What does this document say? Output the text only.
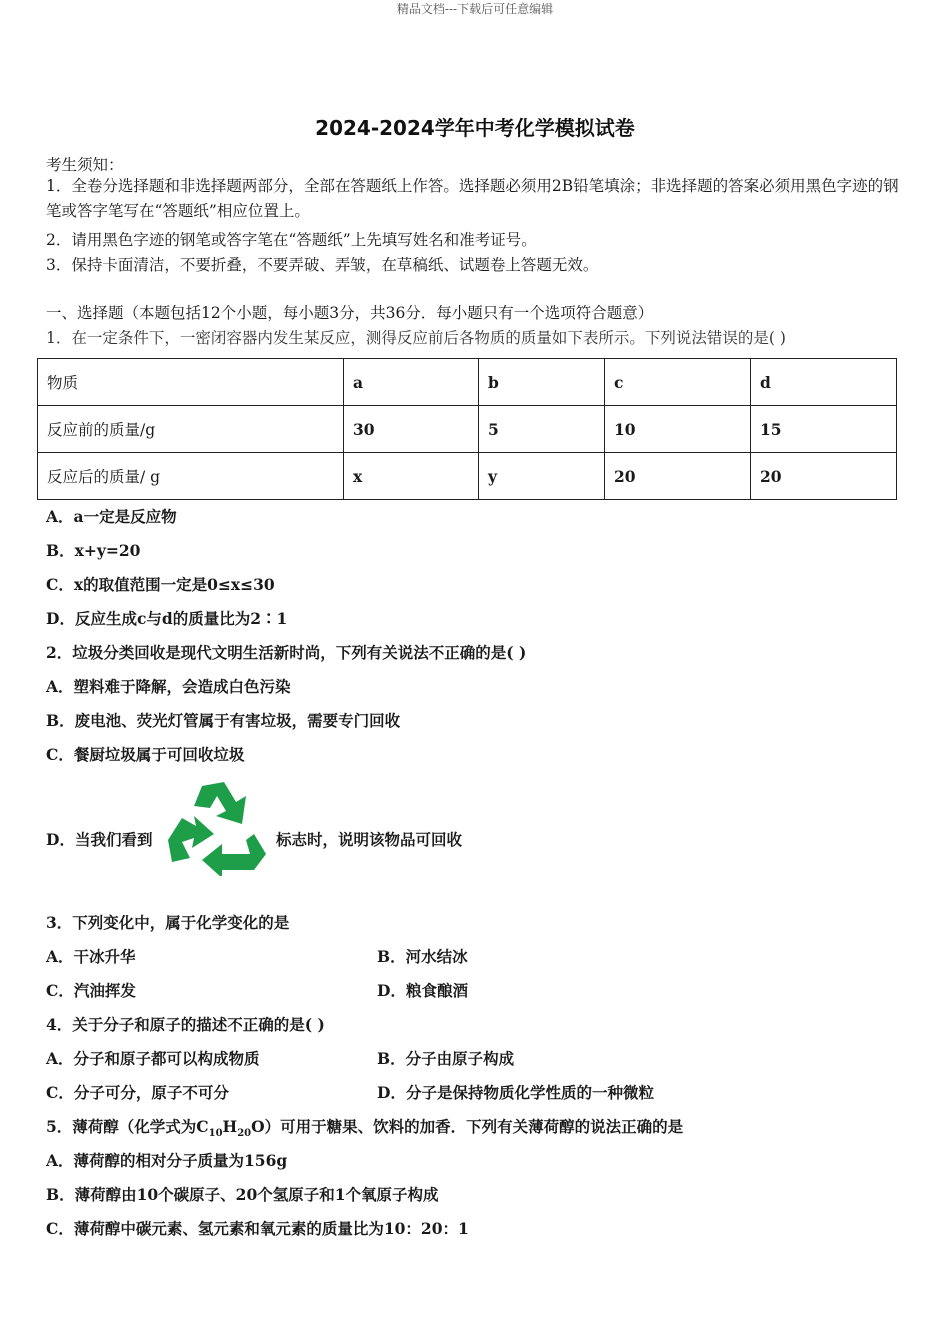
精品文档---下载后可任意编辑
2024-2024学年中考化学模拟试卷
考生须知：
1．全卷分选择题和非选择题两部分，全部在答题纸上作答。选择题必须用2B铅笔填涂；非选择题的答案必须用黑色字迹的钢笔或答字笔写在“答题纸”相应位置上。
2．请用黑色字迹的钢笔或答字笔在“答题纸”上先填写姓名和准考证号。
3．保持卡面清洁，不要折叠，不要弄破、弄皱，在草稿纸、试题卷上答题无效。
一、选择题（本题包括12个小题，每小题3分，共36分．每小题只有一个选项符合题意）
1．在一定条件下，一密闭容器内发生某反应，测得反应前后各物质的质量如下表所示。下列说法错误的是( )
物质	a	b	c	d
反应前的质量/g	30	5	10	15
反应后的质量/ g	x	y	20	20
A．a一定是反应物
B．x+y=20
C．x的取值范围一定是0≤x≤30
D．反应生成c与d的质量比为2∶1
2．垃圾分类回收是现代文明生活新时尚，下列有关说法不正确的是( )
A．塑料难于降解，会造成白色污染
B．废电池、荧光灯管属于有害垃圾，需要专门回收
C．餐厨垃圾属于可回收垃圾
D．当我们看到	标志时，说明该物品可回收
3．下列变化中，属于化学变化的是
A．干冰升华	B．河水结冰
C．汽油挥发	D．粮食酿酒
4．关于分子和原子的描述不正确的是( )
A．分子和原子都可以构成物质	B．分子由原子构成
C．分子可分，原子不可分	D．分子是保持物质化学性质的一种微粒
5．薄荷醇（化学式为$C_{10}H_{20}O$）可用于糖果、饮料的加香．下列有关薄荷醇的说法正确的是
A．薄荷醇的相对分子质量为156g
B．薄荷醇由10个碳原子、20个氢原子和1个氧原子构成
C．薄荷醇中碳元素、氢元素和氧元素的质量比为10：20：1
